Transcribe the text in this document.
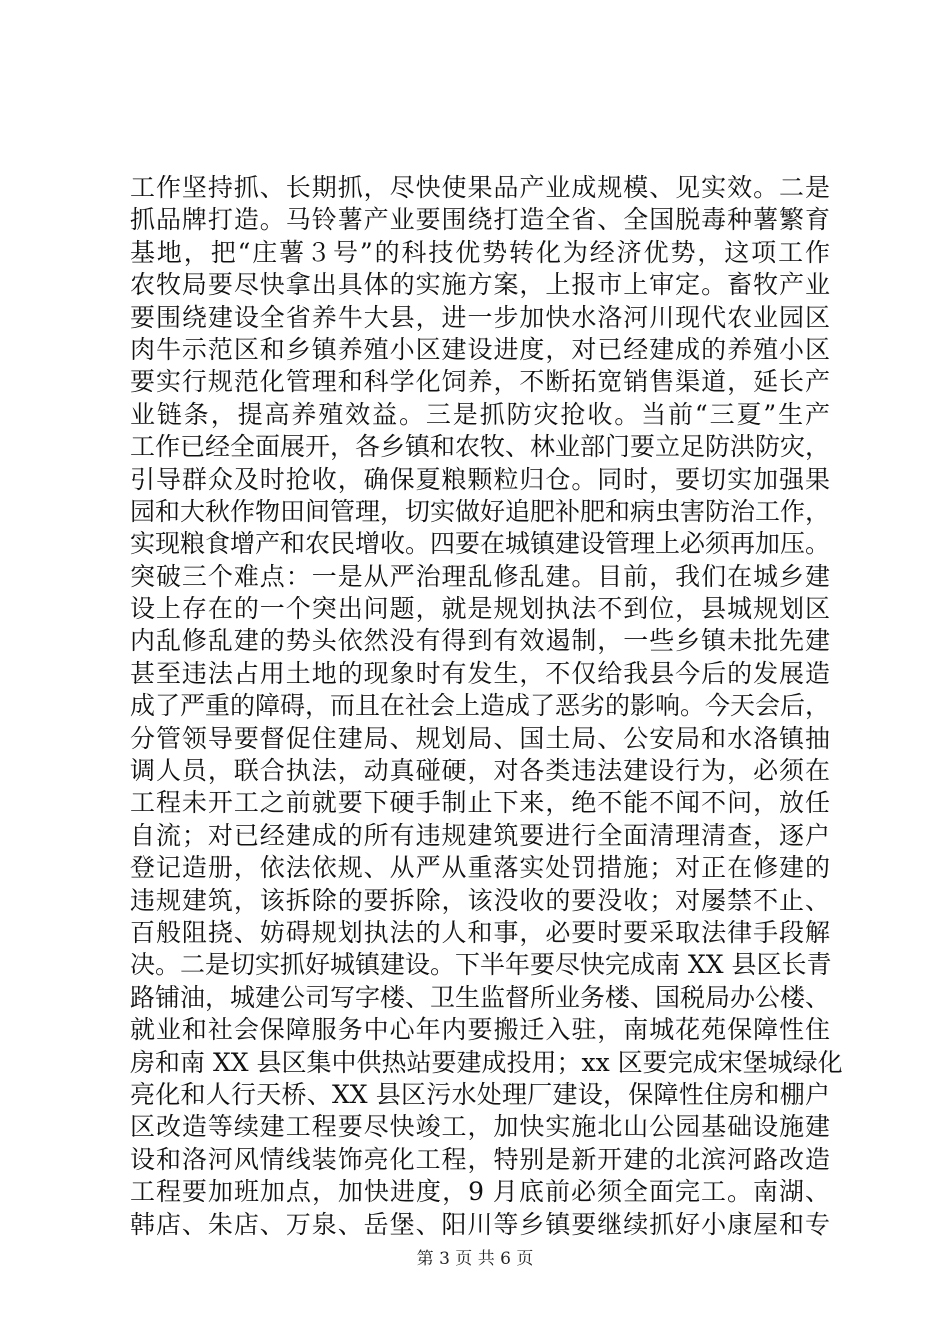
工作坚持抓、长期抓，尽快使果品产业成规模、见实效。二是
抓品牌打造。马铃薯产业要围绕打造全省、全国脱毒种薯繁育
基地，把“庄薯３号”的科技优势转化为经济优势，这项工作
农牧局要尽快拿出具体的实施方案，上报市上审定。畜牧产业
要围绕建设全省养牛大县，进一步加快水洛河川现代农业园区
肉牛示范区和乡镇养殖小区建设进度，对已经建成的养殖小区
要实行规范化管理和科学化饲养，不断拓宽销售渠道，延长产
业链条，提高养殖效益。三是抓防灾抢收。当前“三夏”生产
工作已经全面展开，各乡镇和农牧、林业部门要立足防洪防灾，
引导群众及时抢收，确保夏粮颗粒归仓。同时，要切实加强果
园和大秋作物田间管理，切实做好追肥补肥和病虫害防治工作，
实现粮食增产和农民增收。四要在城镇建设管理上必须再加压。
突破三个难点：一是从严治理乱修乱建。目前，我们在城乡建
设上存在的一个突出问题，就是规划执法不到位，县城规划区
内乱修乱建的势头依然没有得到有效遏制，一些乡镇未批先建
甚至违法占用土地的现象时有发生，不仅给我县今后的发展造
成了严重的障碍，而且在社会上造成了恶劣的影响。今天会后，
分管领导要督促住建局、规划局、国土局、公安局和水洛镇抽
调人员，联合执法，动真碰硬，对各类违法建设行为，必须在
工程未开工之前就要下硬手制止下来，绝不能不闻不问，放任
自流；对已经建成的所有违规建筑要进行全面清理清查，逐户
登记造册，依法依规、从严从重落实处罚措施；对正在修建的
违规建筑，该拆除的要拆除，该没收的要没收；对屡禁不止、
百般阻挠、妨碍规划执法的人和事，必要时要采取法律手段解
决。二是切实抓好城镇建设。下半年要尽快完成南 XX 县区长青
路铺油，城建公司写字楼、卫生监督所业务楼、国税局办公楼、
就业和社会保障服务中心年内要搬迁入驻，南城花苑保障性住
房和南 XX 县区集中供热站要建成投用；xx 区要完成宋堡城绿化
亮化和人行天桥、XX 县区污水处理厂建设，保障性住房和棚户
区改造等续建工程要尽快竣工，加快实施北山公园基础设施建
设和洛河风情线装饰亮化工程，特别是新开建的北滨河路改造
工程要加班加点，加快进度，9 月底前必须全面完工。南湖、
韩店、朱店、万泉、岳堡、阳川等乡镇要继续抓好小康屋和专
第 3 页 共 6 页
